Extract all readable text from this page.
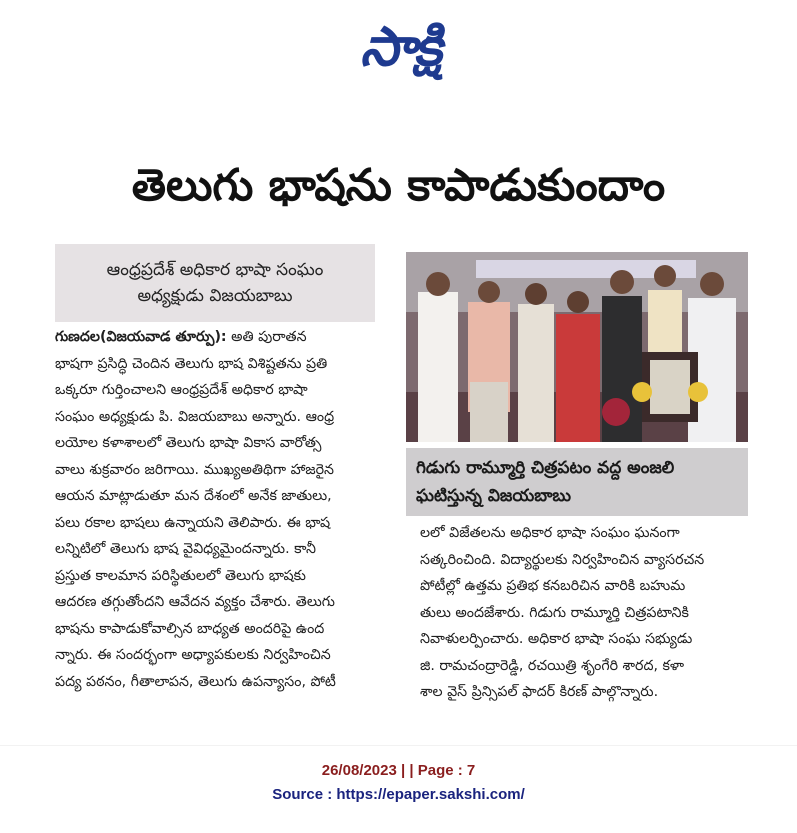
సాక్షి
తెలుగు భాషను కాపాడుకుందాం
ఆంధ్రప్రదేశ్ అధికార భాషా సంఘం
అధ్యక్షుడు విజయబాబు
గిడుగు రామ్మూర్తి చిత్రపటం వద్ద అంజలి
ఘటిస్తున్న విజయబాబు
గుణదల(విజయవాడ తూర్పు): అతి పురాతన
భాషగా ప్రసిద్ధి చెందిన తెలుగు భాష విశిష్టతను ప్రతి
ఒక్కరూ గుర్తించాలని ఆంధ్రప్రదేశ్ అధికార భాషా
సంఘం అధ్యక్షుడు పి. విజయబాబు అన్నారు. ఆంధ్ర
లయోల కళాశాలలో తెలుగు భాషా వికాస వారోత్స
వాలు శుక్రవారం జరిగాయి. ముఖ్యఅతిథిగా హాజరైన
ఆయన మాట్లాడుతూ మన దేశంలో అనేక జాతులు,
పలు రకాల భాషలు ఉన్నాయని తెలిపారు. ఈ భాష
లన్నిటిలో తెలుగు భాష వైవిధ్యమైందన్నారు. కానీ
ప్రస్తుత కాలమాన పరిస్థితులలో తెలుగు భాషకు
ఆదరణ తగ్గుతోందని ఆవేదన వ్యక్తం చేశారు. తెలుగు
భాషను కాపాడుకోవాల్సిన బాధ్యత అందరిపై ఉంద
న్నారు. ఈ సందర్భంగా అధ్యాపకులకు నిర్వహించిన
పద్య పఠనం, గీతాలాపన, తెలుగు ఉపన్యాసం, పోటీ
లలో విజేతలను అధికార భాషా సంఘం ఘనంగా
సత్కరించింది. విద్యార్థులకు నిర్వహించిన వ్యాసరచన
పోటీల్లో ఉత్తమ ప్రతిభ కనబరిచిన వారికి బహుమ
తులు అందజేశారు. గిడుగు రామ్మూర్తి చిత్రపటానికి
నివాళులర్పించారు. అధికార భాషా సంఘ సభ్యుడు
జి. రామచంద్రారెడ్డి, రచయిత్రి శృంగేరి శారద, కళా
శాల వైస్ ప్రిన్సిపల్ ఫాదర్ కిరణ్ పాల్గొన్నారు.
26/08/2023 | | Page : 7
Source : https://epaper.sakshi.com/
